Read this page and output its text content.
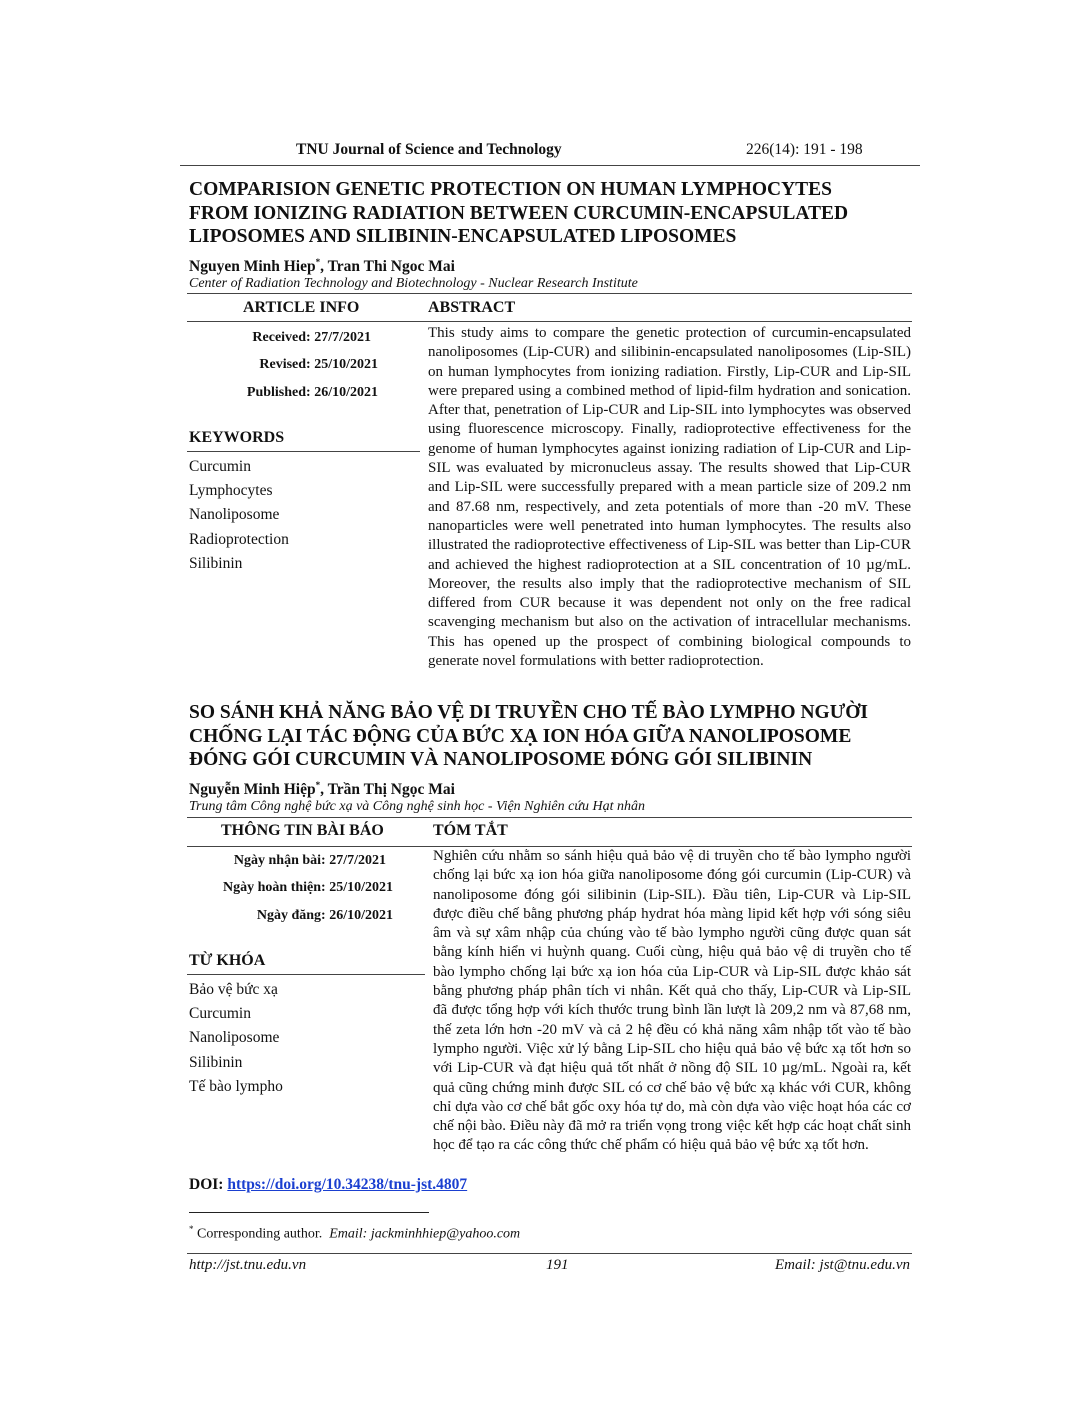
TNU Journal of Science and Technology	226(14): 191 - 198
COMPARISION GENETIC PROTECTION ON HUMAN LYMPHOCYTES
FROM IONIZING RADIATION BETWEEN CURCUMIN-ENCAPSULATED
LIPOSOMES AND SILIBININ-ENCAPSULATED LIPOSOMES
Nguyen Minh Hiep*, Tran Thi Ngoc Mai
Center of Radiation Technology and Biotechnology - Nuclear Research Institute
ARTICLE INFO	ABSTRACT
Received: 27/7/2021
Revised: 25/10/2021
Published: 26/10/2021
KEYWORDS
Curcumin
Lymphocytes
Nanoliposome
Radioprotection
Silibinin
This study aims to compare the genetic protection of curcumin-encapsulated nanoliposomes (Lip-CUR) and silibinin-encapsulated nanoliposomes (Lip-SIL) on human lymphocytes from ionizing radiation. Firstly, Lip-CUR and Lip-SIL were prepared using a combined method of lipid-film hydration and sonication. After that, penetration of Lip-CUR and Lip-SIL into lymphocytes was observed using fluorescence microscopy. Finally, radioprotective effectiveness for the genome of human lymphocytes against ionizing radiation of Lip-CUR and Lip-SIL was evaluated by micronucleus assay. The results showed that Lip-CUR and Lip-SIL were successfully prepared with a mean particle size of 209.2 nm and 87.68 nm, respectively, and zeta potentials of more than -20 mV. These nanoparticles were well penetrated into human lymphocytes. The results also illustrated the radioprotective effectiveness of Lip-SIL was better than Lip-CUR and achieved the highest radioprotection at a SIL concentration of 10 µg/mL. Moreover, the results also imply that the radioprotective mechanism of SIL differed from CUR because it was dependent not only on the free radical scavenging mechanism but also on the activation of intracellular mechanisms. This has opened up the prospect of combining biological compounds to generate novel formulations with better radioprotection.
SO SÁNH KHẢ NĂNG BẢO VỆ DI TRUYỀN CHO TẾ BÀO LYMPHO NGƯỜI
CHỐNG LẠI TÁC ĐỘNG CỦA BỨC XẠ ION HÓA GIỮA NANOLIPOSOME
ĐÓNG GÓI CURCUMIN VÀ NANOLIPOSOME ĐÓNG GÓI SILIBININ
Nguyễn Minh Hiệp*, Trần Thị Ngọc Mai
Trung tâm Công nghệ bức xạ và Công nghệ sinh học - Viện Nghiên cứu Hạt nhân
THÔNG TIN BÀI BÁO	TÓM TẮT
Ngày nhận bài: 27/7/2021
Ngày hoàn thiện: 25/10/2021
Ngày đăng: 26/10/2021
TỪ KHÓA
Bảo vệ bức xạ
Curcumin
Nanoliposome
Silibinin
Tế bào lympho
Nghiên cứu nhằm so sánh hiệu quả bảo vệ di truyền cho tế bào lympho người chống lại bức xạ ion hóa giữa nanoliposome đóng gói curcumin (Lip-CUR) và nanoliposome đóng gói silibinin (Lip-SIL). Đầu tiên, Lip-CUR và Lip-SIL được điều chế bằng phương pháp hydrat hóa màng lipid kết hợp với sóng siêu âm và sự xâm nhập của chúng vào tế bào lympho người cũng được quan sát bằng kính hiển vi huỳnh quang. Cuối cùng, hiệu quả bảo vệ di truyền cho tế bào lympho chống lại bức xạ ion hóa của Lip-CUR và Lip-SIL được khảo sát bằng phương pháp phân tích vi nhân. Kết quả cho thấy, Lip-CUR và Lip-SIL đã được tổng hợp với kích thước trung bình lần lượt là 209,2 nm và 87,68 nm, thế zeta lớn hơn -20 mV và cả 2 hệ đều có khả năng xâm nhập tốt vào tế bào lympho người. Việc xử lý bằng Lip-SIL cho hiệu quả bảo vệ bức xạ tốt hơn so với Lip-CUR và đạt hiệu quả tốt nhất ở nồng độ SIL 10 µg/mL. Ngoài ra, kết quả cũng chứng minh được SIL có cơ chế bảo vệ bức xạ khác với CUR, không chỉ dựa vào cơ chế bắt gốc oxy hóa tự do, mà còn dựa vào việc hoạt hóa các cơ chế nội bào. Điều này đã mở ra triển vọng trong việc kết hợp các hoạt chất sinh học để tạo ra các công thức chế phẩm có hiệu quả bảo vệ bức xạ tốt hơn.
DOI: https://doi.org/10.34238/tnu-jst.4807
* Corresponding author. Email: jackminhhiep@yahoo.com
http://jst.tnu.edu.vn	191	Email: jst@tnu.edu.vn
